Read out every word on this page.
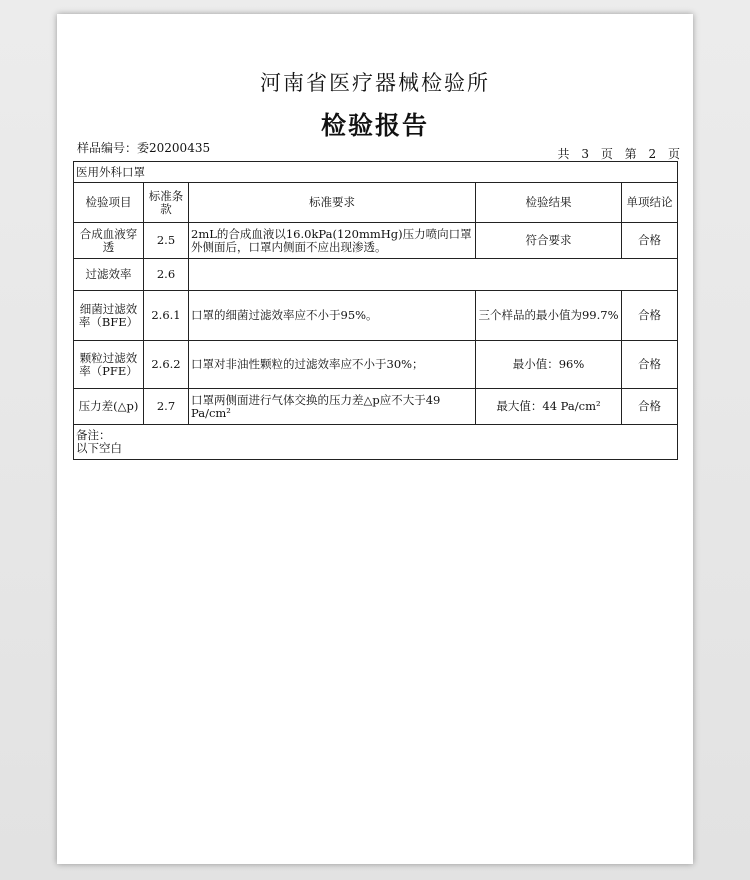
河南省医疗器械检验所
检验报告
样品编号：委20200435	共 3 页 第 2 页
医用外科口罩				
检验项目	标准条款	标准要求	检验结果	单项结论
合成血液穿透	2.5	2mL的合成血液以16.0kPa(120mmHg)压力喷向口罩外侧面后，口罩内侧面不应出现渗透。	符合要求	合格
过滤效率	2.6			
细菌过滤效率（BFE）	2.6.1	口罩的细菌过滤效率应不小于95%。	三个样品的最小值为99.7%	合格
颗粒过滤效率（PFE）	2.6.2	口罩对非油性颗粒的过滤效率应不小于30%；	最小值：96%	合格
压力差(△p)	2.7	口罩两侧面进行气体交换的压力差△p应不大于49 Pa/cm²	最大值：44 Pa/cm²	合格

备注：
以下空白				
